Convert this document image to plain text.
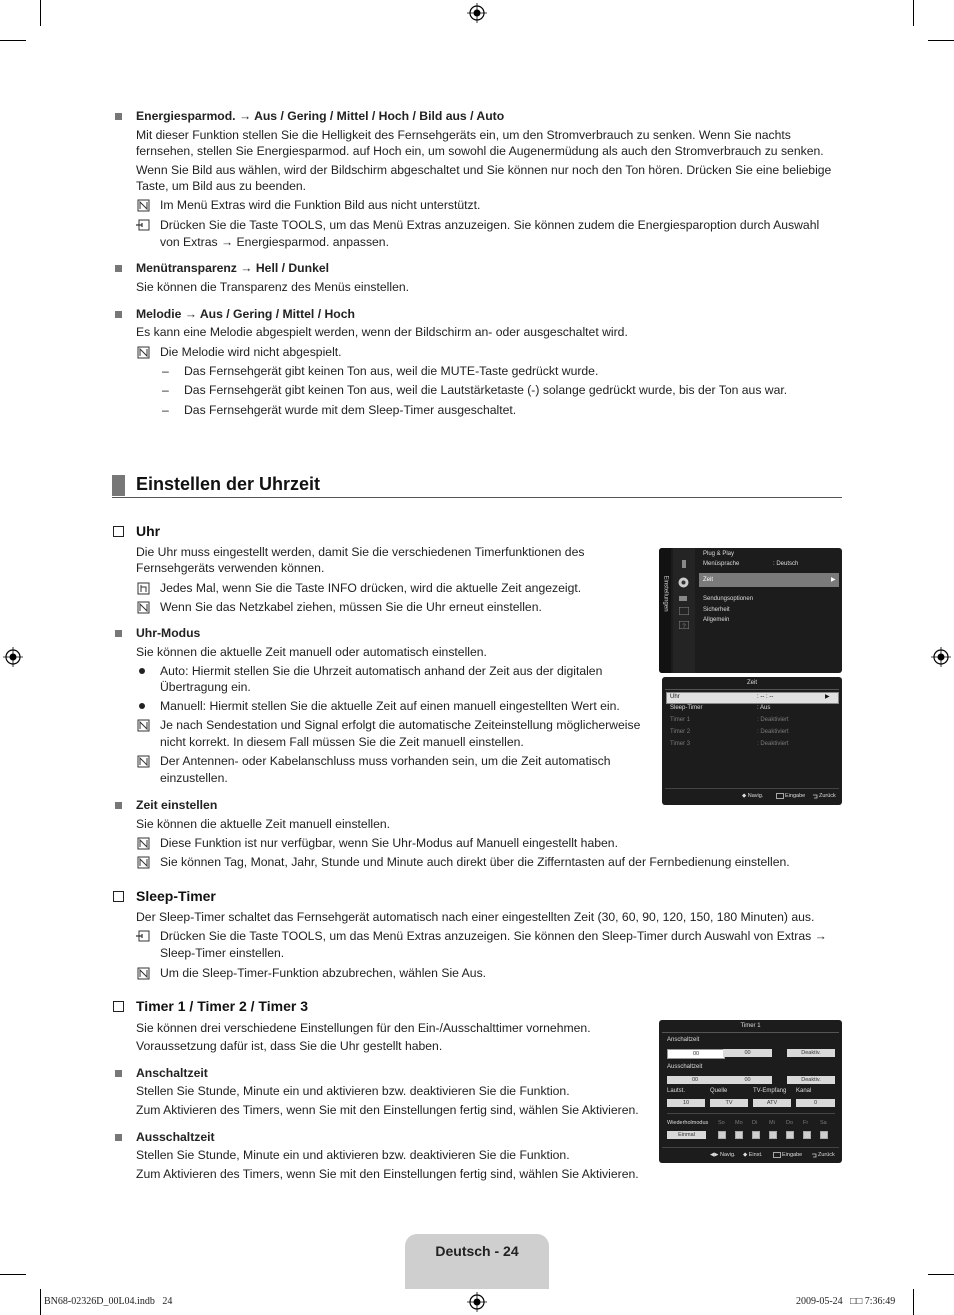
Energiesparmod. → Aus / Gering / Mittel / Hoch / Bild aus / Auto
Mit dieser Funktion stellen Sie die Helligkeit des Fernsehgeräts ein, um den Stromverbrauch zu senken. Wenn Sie nachts
fernsehen, stellen Sie Energiesparmod. auf Hoch ein, um sowohl die Augenermüdung als auch den Stromverbrauch zu senken.
Wenn Sie Bild aus wählen, wird der Bildschirm abgeschaltet und Sie können nur noch den Ton hören. Drücken Sie eine beliebige
Taste, um Bild aus zu beenden.
Im Menü Extras wird die Funktion Bild aus nicht unterstützt.
Drücken Sie die Taste TOOLS, um das Menü Extras anzuzeigen. Sie können zudem die Energiesparoption durch Auswahl
von Extras → Energiesparmod. anpassen.
Menütransparenz → Hell / Dunkel
Sie können die Transparenz des Menüs einstellen.
Melodie → Aus / Gering / Mittel / Hoch
Es kann eine Melodie abgespielt werden, wenn der Bildschirm an- oder ausgeschaltet wird.
Die Melodie wird nicht abgespielt.
– Das Fernsehgerät gibt keinen Ton aus, weil die MUTE-Taste gedrückt wurde.
– Das Fernsehgerät gibt keinen Ton aus, weil die Lautstärketaste (-) solange gedrückt wurde, bis der Ton aus war.
– Das Fernsehgerät wurde mit dem Sleep-Timer ausgeschaltet.
Einstellen der Uhrzeit
Uhr
Die Uhr muss eingestellt werden, damit Sie die verschiedenen Timerfunktionen des
Fernsehgeräts verwenden können.
Jedes Mal, wenn Sie die Taste INFO drücken, wird die aktuelle Zeit angezeigt.
Wenn Sie das Netzkabel ziehen, müssen Sie die Uhr erneut einstellen.
Uhr-Modus
Sie können die aktuelle Zeit manuell oder automatisch einstellen.
Auto: Hiermit stellen Sie die Uhrzeit automatisch anhand der Zeit aus der digitalen
Übertragung ein.
Manuell: Hiermit stellen Sie die aktuelle Zeit auf einen manuell eingestellten Wert ein.
Je nach Sendestation und Signal erfolgt die automatische Zeiteinstellung möglicherweise
nicht korrekt. In diesem Fall müssen Sie die Zeit manuell einstellen.
Der Antennen- oder Kabelanschluss muss vorhanden sein, um die Zeit automatisch
einzustellen.
Zeit einstellen
Sie können die aktuelle Zeit manuell einstellen.
Diese Funktion ist nur verfügbar, wenn Sie Uhr-Modus auf Manuell eingestellt haben.
Sie können Tag, Monat, Jahr, Stunde und Minute auch direkt über die Zifferntasten auf der Fernbedienung einstellen.
Sleep-Timer
Der Sleep-Timer schaltet das Fernsehgerät automatisch nach einer eingestellten Zeit (30, 60, 90, 120, 150, 180 Minuten) aus.
Drücken Sie die Taste TOOLS, um das Menü Extras anzuzeigen. Sie können den Sleep-Timer durch Auswahl von Extras →
Sleep-Timer einstellen.
Um die Sleep-Timer-Funktion abzubrechen, wählen Sie Aus.
Timer 1 / Timer 2 / Timer 3
Sie können drei verschiedene Einstellungen für den Ein-/Ausschalttimer vornehmen.
Voraussetzung dafür ist, dass Sie die Uhr gestellt haben.
Anschaltzeit
Stellen Sie Stunde, Minute ein und aktivieren bzw. deaktivieren Sie die Funktion.
Zum Aktivieren des Timers, wenn Sie mit den Einstellungen fertig sind, wählen Sie Aktivieren.
Ausschaltzeit
Stellen Sie Stunde, Minute ein und aktivieren bzw. deaktivieren Sie die Funktion.
Zum Aktivieren des Timers, wenn Sie mit den Einstellungen fertig sind, wählen Sie Aktivieren.
Einstellungen
?
Plug & Play
Menüsprache	: Deutsch
Zeit	▶
Sendungsoptionen
Sicherheit
Allgemein
Zeit
Uhr	: -- : --	▶
Sleep-Timer	: Aus
Timer 1	: Deaktiviert
Timer 2	: Deaktiviert
Timer 3	: Deaktiviert
◆ Navig.	Eingabe	Zurück
Timer 1
Anschaltzeit
00	00	Deaktiv.
Ausschaltzeit
00	00	Deaktiv.
Lautst.	Quelle	TV-Empfang Kanal
10	TV	ATV	0
Wiederholmodus So Mo Di Mi Do Fr Sa
Einmal
◀▶ Navig. ◆ Einst.	Eingabe	Zurück
Deutsch - 24
BN68-02326D_00L04.indb   24	2009-05-24   □□ 7:36:49
